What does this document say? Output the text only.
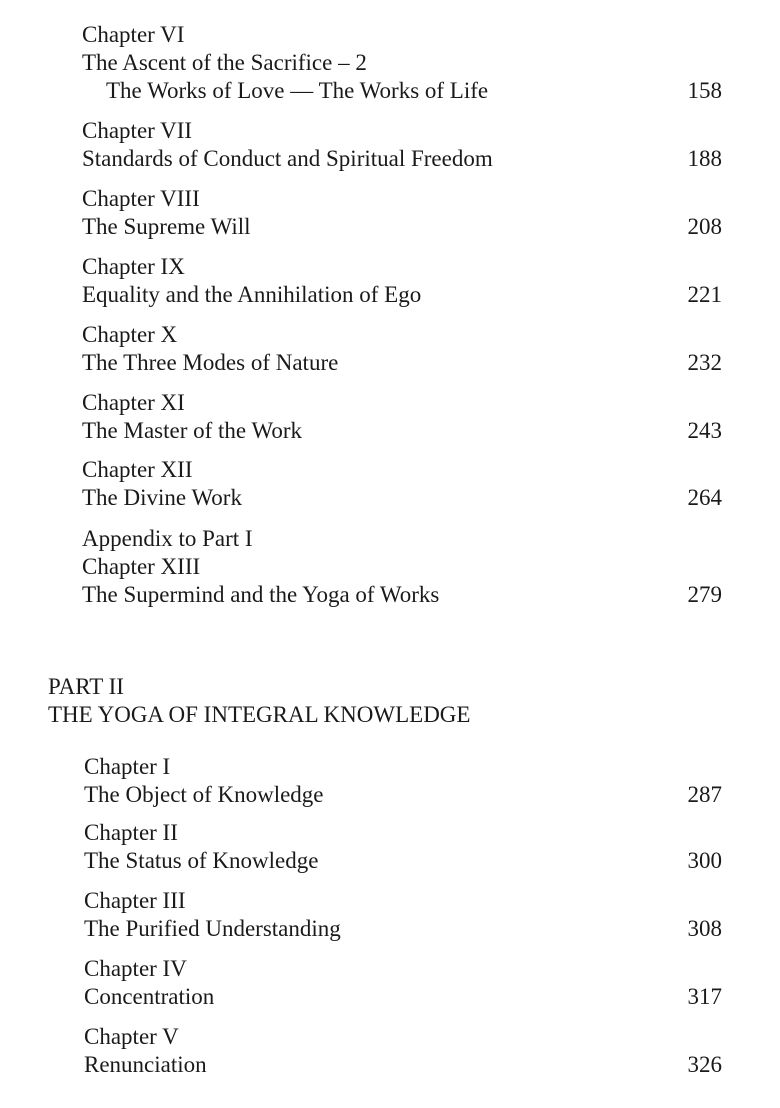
Chapter VI
The Ascent of the Sacrifice – 2
The Works of Love — The Works of Life	158
Chapter VII
Standards of Conduct and Spiritual Freedom	188
Chapter VIII
The Supreme Will	208
Chapter IX
Equality and the Annihilation of Ego	221
Chapter X
The Three Modes of Nature	232
Chapter XI
The Master of the Work	243
Chapter XII
The Divine Work	264
Appendix to Part I
Chapter XIII
The Supermind and the Yoga of Works	279
PART II
THE YOGA OF INTEGRAL KNOWLEDGE
Chapter I
The Object of Knowledge	287
Chapter II
The Status of Knowledge	300
Chapter III
The Purified Understanding	308
Chapter IV
Concentration	317
Chapter V
Renunciation	326
